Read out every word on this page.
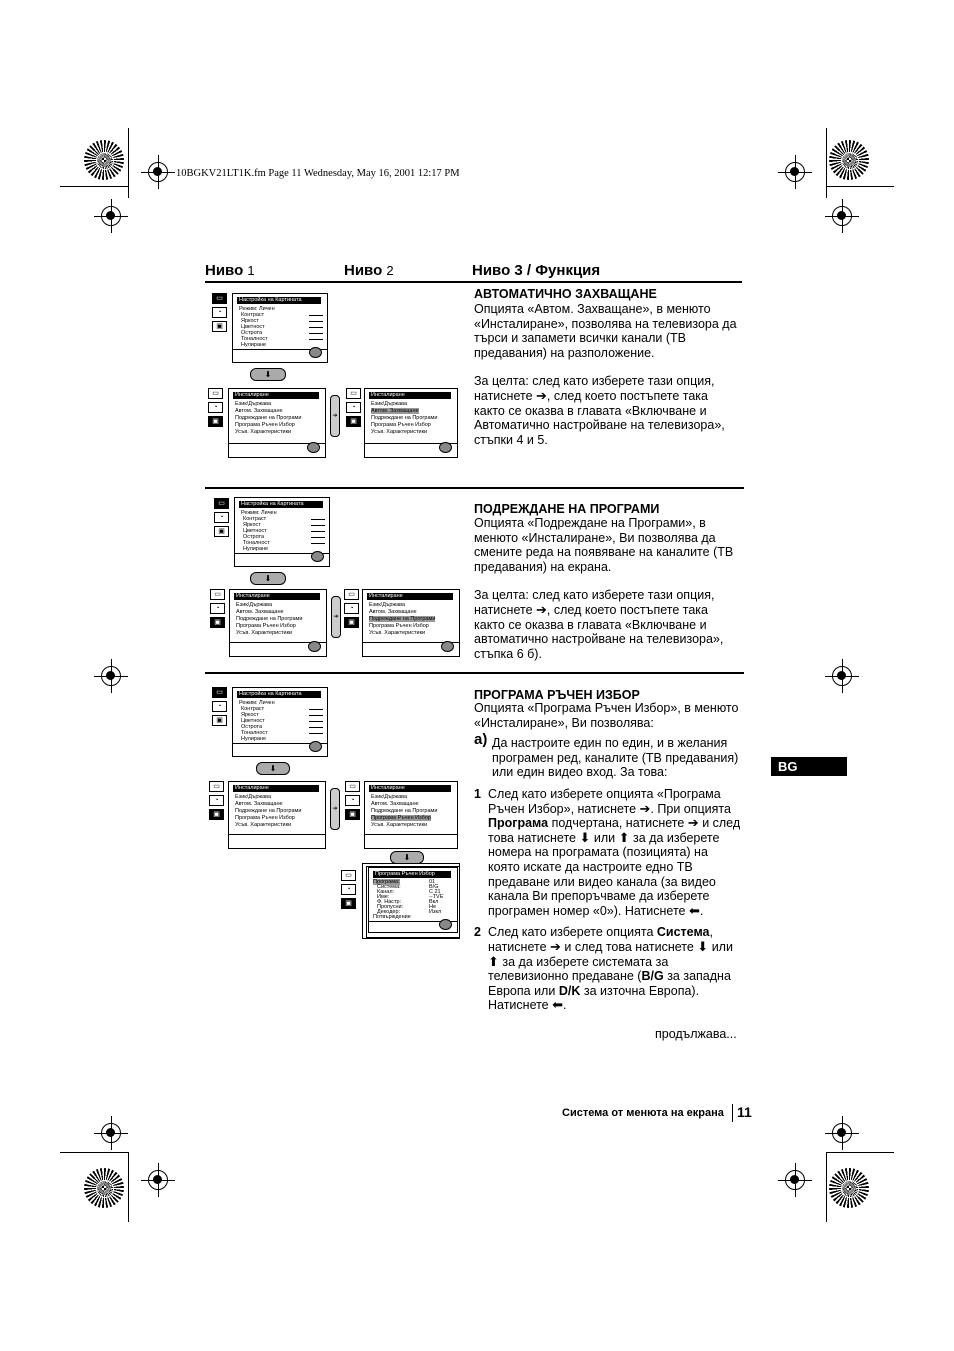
10BGKV21LT1K.fm Page 11 Wednesday, May 16, 2001 12:17 PM
Ниво 1	Ниво 2	Ниво 3 / Функция
АВТОМАТИЧНО ЗАХВАЩАНЕ

Опцията «Автом. Захващане», в менюто «Инсталиране», позволява на телевизора да търси и запамети всички канали (ТВ предавания) на разположение.

За целта: след като изберете тази опция, натиснете ➔, след което постъпете така както се оказва в главата «Включване и Автоматично настройване на телевизора», стъпки 4 и 5.

▭
◔
▣
Настройка на Картината
Режим: Личен
Контраст
Яркост
Цветност
Острота
Тоналност
Нулиране
⬇
▭
◔
▣
Инсталиране
Език/Държава
Автом. Захващане
Подреждане на Програми
Програма Ръчен Избор
Усъв. Характеристики
➔
▭
◔
▣
Инсталиране
Език/Държава
Автом. Захващане
Подреждане на Програми
Програма Ръчен Избор
Усъв. Характеристики
ПОДРЕЖДАНЕ НА ПРОГРАМИ

Опцията «Подреждане на Програми», в менюто «Инсталиране», Ви позволява да смените реда на появяване на каналите (ТВ предавания) на екрана.

За целта: след като изберете тази опция, натиснете ➔, след което постъпете така както се оказва в главата «Включване и автоматично настройване на телевизора», стъпка 6 б).

▭
◔
▣
Настройка на Картината
Режим: Личен
Контраст
Яркост
Цветност
Острота
Тоналност
Нулиране
⬇
▭
◔
▣
Инсталиране
Език/Държава
Автом. Захващане
Подреждане на Програми
Програма Ръчен Избор
Усъв. Характеристики
➔
▭
◔
▣
Инсталиране
Език/Държава
Автом. Захващане
Подреждане на Програми
Програма Ръчен Избор
Усъв. Характеристики
ПРОГРАМА РЪЧЕН ИЗБОР

Опцията «Програма Ръчен Избор», в менюто «Инсталиране», Ви позволява:

a) Да настроите един по един, и в желания програмен ред, каналите (ТВ предавания) или един видео вход. За това:
1 След като изберете опцията «Програма Ръчен Избор», натиснете ➔. При опцията Програма подчертана, натиснете ➔ и след това натиснете ⬇ или ⬆ за да изберете номера на програмата (позицията) на която искате да настроите едно ТВ предаване или видео канала (за видео канала Ви препоръчваме да изберете програмен номер «0»). Натиснете ⬅.
2 След като изберете опцията Система, натиснете ➔ и след това натиснете ⬇ или ⬆ за да изберете системата за телевизионно предаване (B/G за западна Европа или D/K за източна Европа). Натиснете ⬅.
продължава...
▭
◔
▣
Настройка на Картината
Режим: Личен
Контраст
Яркост
Цветност
Острота
Тоналност
Нулиране
⬇
▭
◔
▣
Инсталиране
Език/Държава
Автом. Захващане
Подреждане на Програми
Програма Ръчен Избор
Усъв. Характеристики
➔
▭
◔
▣
Инсталиране
Език/Държава
Автом. Захващане
Подреждане на Програми
Програма Ръчен Избор
Усъв. Характеристики
⬇
▭
◔
▣
Програма Ръчен Избор
Програма:
Система:
Канал:
Име:
Ф. Настр:
Пропусни:
Декодер:
Потвърждение
01
B/G
C 21
--TVE
Вкл
Не
Изкл
BG
Система от менюта на екрана 11
